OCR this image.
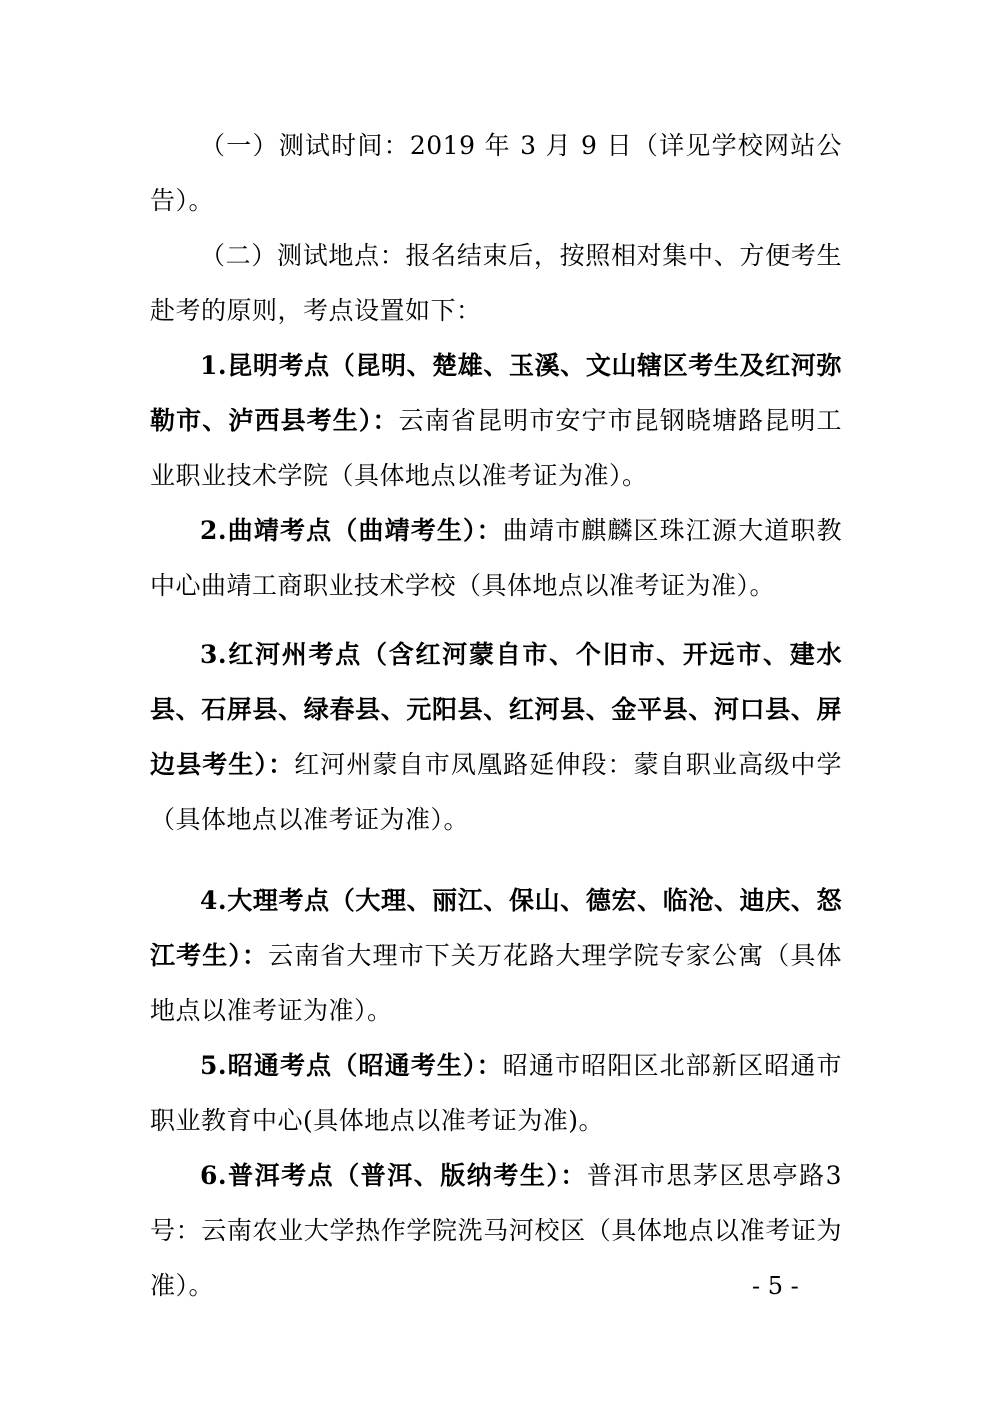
（一）测试时间：2019 年 3 月 9 日（详见学校网站公告）。

（二）测试地点：报名结束后，按照相对集中、方便考生赴考的原则，考点设置如下：

1.昆明考点（昆明、楚雄、玉溪、文山辖区考生及红河弥勒市、泸西县考生）：云南省昆明市安宁市昆钢晓塘路昆明工业职业技术学院（具体地点以准考证为准）。

2.曲靖考点（曲靖考生）：曲靖市麒麟区珠江源大道职教中心曲靖工商职业技术学校（具体地点以准考证为准）。

3.红河州考点（含红河蒙自市、个旧市、开远市、建水县、石屏县、绿春县、元阳县、红河县、金平县、河口县、屏边县考生）：红河州蒙自市凤凰路延伸段：蒙自职业高级中学（具体地点以准考证为准）。

4.大理考点（大理、丽江、保山、德宏、临沧、迪庆、怒江考生）：云南省大理市下关万花路大理学院专家公寓（具体地点以准考证为准）。

5.昭通考点（昭通考生）：昭通市昭阳区北部新区昭通市职业教育中心(具体地点以准考证为准)。

6.普洱考点（普洱、版纳考生）：普洱市思茅区思亭路3 号：云南农业大学热作学院洗马河校区（具体地点以准考证为准）。	- 5 -
